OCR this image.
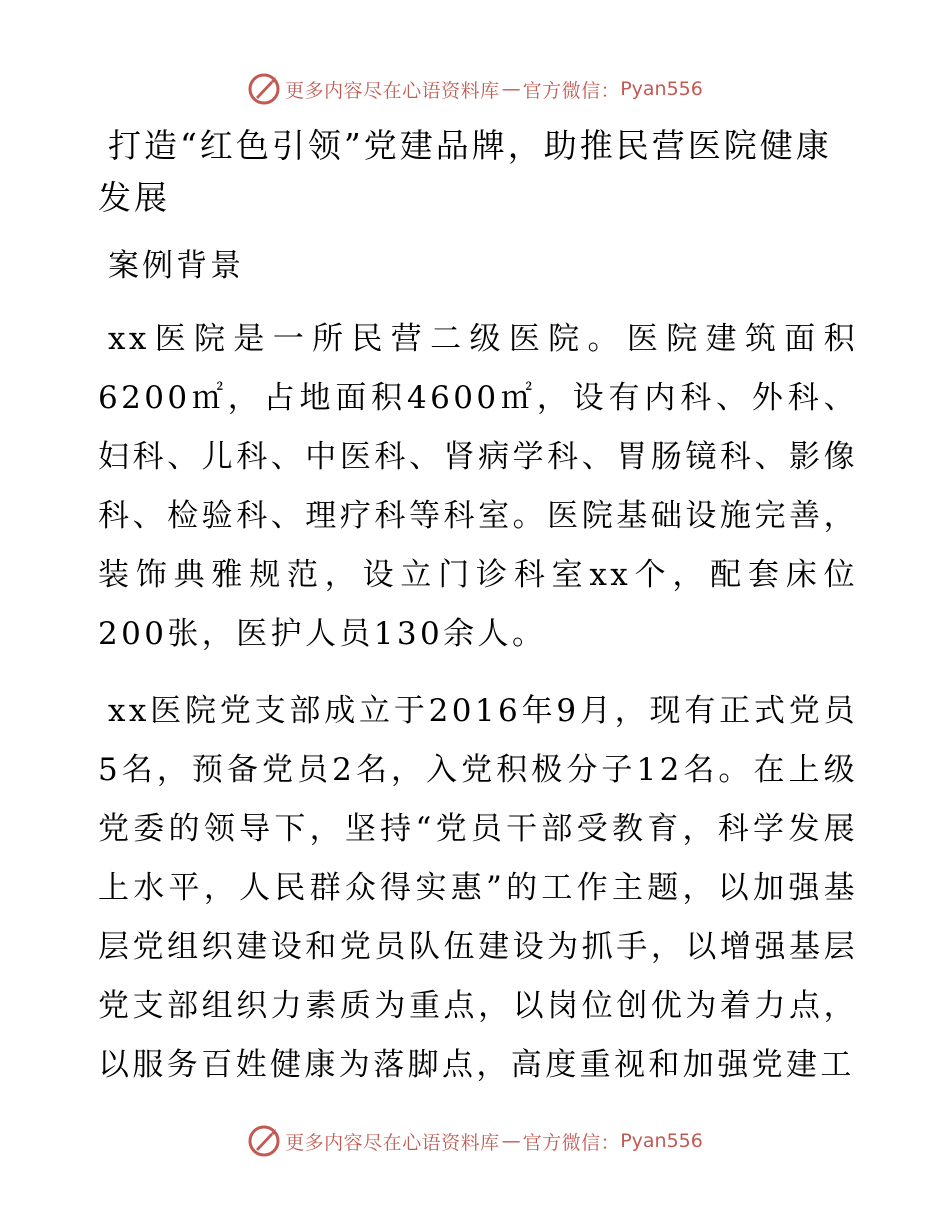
更多内容尽在心语资料库 — 官方微信： Pyan556
打造“红色引领”党建品牌，助推民营医院健康发展
案例背景

xx医院是一所民营二级医院。医院建筑面积6200㎡，占地面积4600㎡，设有内科、外科、妇科、儿科、中医科、肾病学科、胃肠镜科、影像科、检验科、理疗科等科室。医院基础设施完善，装饰典雅规范，设立门诊科室xx个，配套床位200张，医护人员130余人。

xx医院党支部成立于2016年9月，现有正式党员5名，预备党员2名，入党积极分子12名。在上级党委的领导下，坚持“党员干部受教育，科学发展上水平，人民群众得实惠”的工作主题，以加强基层党组织建设和党员队伍建设为抓手，以增强基层党支部组织力素质为重点，以岗位创优为着力点，以服务百姓健康为落脚点，高度重视和加强党建工

更多内容尽在心语资料库 — 官方微信： Pyan556
